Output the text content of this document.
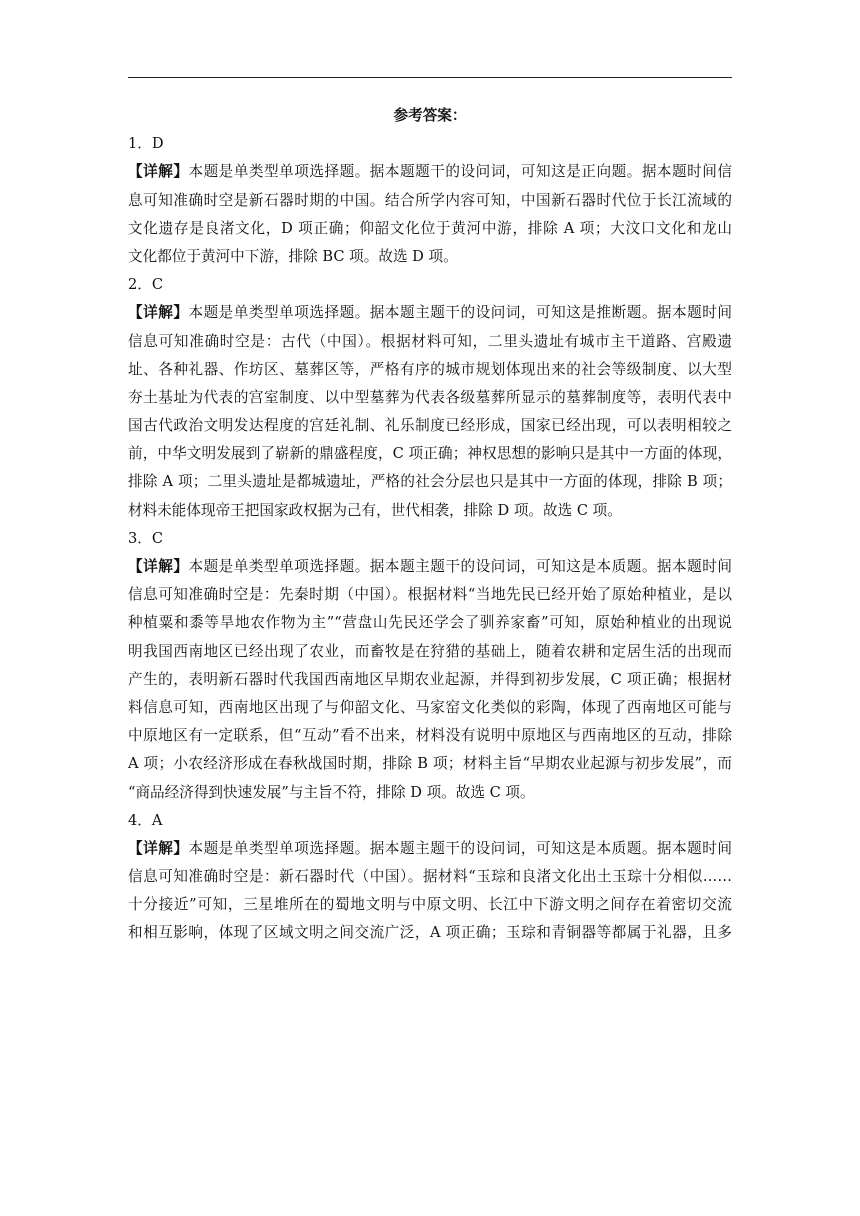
参考答案：
1．D
【详解】本题是单类型单项选择题。据本题题干的设问词，可知这是正向题。据本题时间信
息可知准确时空是新石器时期的中国。结合所学内容可知，中国新石器时代位于长江流域的
文化遗存是良渚文化，D 项正确；仰韶文化位于黄河中游，排除 A 项；大汶口文化和龙山
文化都位于黄河中下游，排除 BC 项。故选 D 项。
2．C
【详解】本题是单类型单项选择题。据本题主题干的设问词，可知这是推断题。据本题时间
信息可知准确时空是：古代（中国）。根据材料可知，二里头遗址有城市主干道路、宫殿遗
址、各种礼器、作坊区、墓葬区等，严格有序的城市规划体现出来的社会等级制度、以大型
夯土基址为代表的宫室制度、以中型墓葬为代表各级墓葬所显示的墓葬制度等，表明代表中
国古代政治文明发达程度的宫廷礼制、礼乐制度已经形成，国家已经出现，可以表明相较之
前，中华文明发展到了崭新的鼎盛程度，C 项正确；神权思想的影响只是其中一方面的体现，
排除 A 项；二里头遗址是都城遗址，严格的社会分层也只是其中一方面的体现，排除 B 项；
材料未能体现帝王把国家政权据为己有，世代相袭，排除 D 项。故选 C 项。
3．C
【详解】本题是单类型单项选择题。据本题主题干的设问词，可知这是本质题。据本题时间
信息可知准确时空是：先秦时期（中国）。根据材料“当地先民已经开始了原始种植业，是以
种植粟和黍等旱地农作物为主”“营盘山先民还学会了驯养家畜”可知，原始种植业的出现说
明我国西南地区已经出现了农业，而畜牧是在狩猎的基础上，随着农耕和定居生活的出现而
产生的，表明新石器时代我国西南地区早期农业起源，并得到初步发展，C 项正确；根据材
料信息可知，西南地区出现了与仰韶文化、马家窑文化类似的彩陶，体现了西南地区可能与
中原地区有一定联系，但“互动”看不出来，材料没有说明中原地区与西南地区的互动，排除
A 项；小农经济形成在春秋战国时期，排除 B 项；材料主旨“早期农业起源与初步发展”，而
“商品经济得到快速发展”与主旨不符，排除 D 项。故选 C 项。
4．A
【详解】本题是单类型单项选择题。据本题主题干的设问词，可知这是本质题。据本题时间
信息可知准确时空是：新石器时代（中国）。据材料“玉琮和良渚文化出土玉琮十分相似……
十分接近”可知，三星堆所在的蜀地文明与中原文明、长江中下游文明之间存在着密切交流
和相互影响，体现了区域文明之间交流广泛，A 项正确；玉琮和青铜器等都属于礼器，且多
